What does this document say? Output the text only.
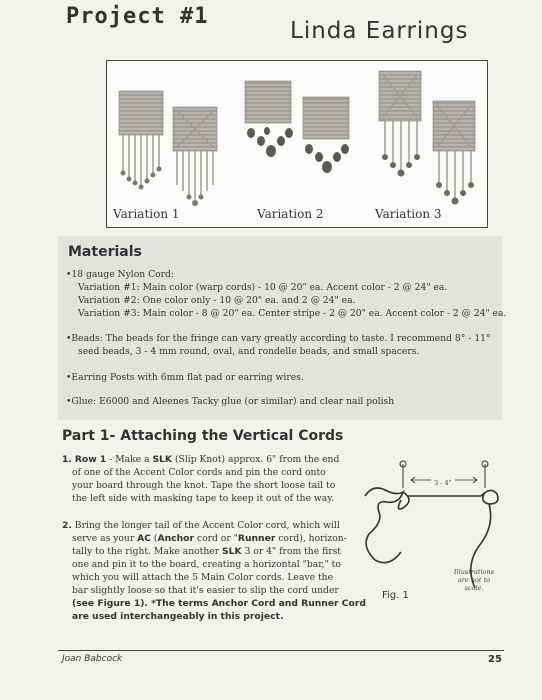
Project #1
Linda Earrings
Variation 1	Variation 2	Variation 3
Materials
•18 gauge Nylon Cord:
Variation #1: Main color (warp cords) - 10 @ 20" ea. Accent color - 2 @ 24" ea.
Variation #2: One color only - 10 @ 20" ea. and 2 @ 24" ea.
Variation #3: Main color - 8 @ 20" ea. Center stripe - 2 @ 20" ea. Accent color - 2 @ 24" ea.
•Beads: The beads for the fringe can vary greatly according to taste. I recommend 8° - 11°
seed beads, 3 - 4 mm round, oval, and rondelle beads, and small spacers.
•Earring Posts with 6mm flat pad or earring wires.
•Glue: E6000 and Aleenes Tacky glue (or similar) and clear nail polish
Part 1- Attaching the Vertical Cords
1. Row 1 - Make a SLK (Slip Knot) approx. 6" from the end
of one of the Accent Color cords and pin the cord onto
your board through the knot. Tape the short loose tail to
the left side with masking tape to keep it out of the way.
2. Bring the longer tail of the Accent Color cord, which will
serve as your AC (Anchor cord or "Runner cord), horizon-
tally to the right. Make another SLK 3 or 4" from the first
one and pin it to the board, creating a horizontal "bar," to
which you will attach the 5 Main Color cords. Leave the
bar slightly loose so that it's easier to slip the cord under
(see Figure 1). *The terms Anchor Cord and Runner Cord
are used interchangeably in this project.
3 - 4"
Illustrations are not to scale.
Fig. 1
Joan Babcock	25
